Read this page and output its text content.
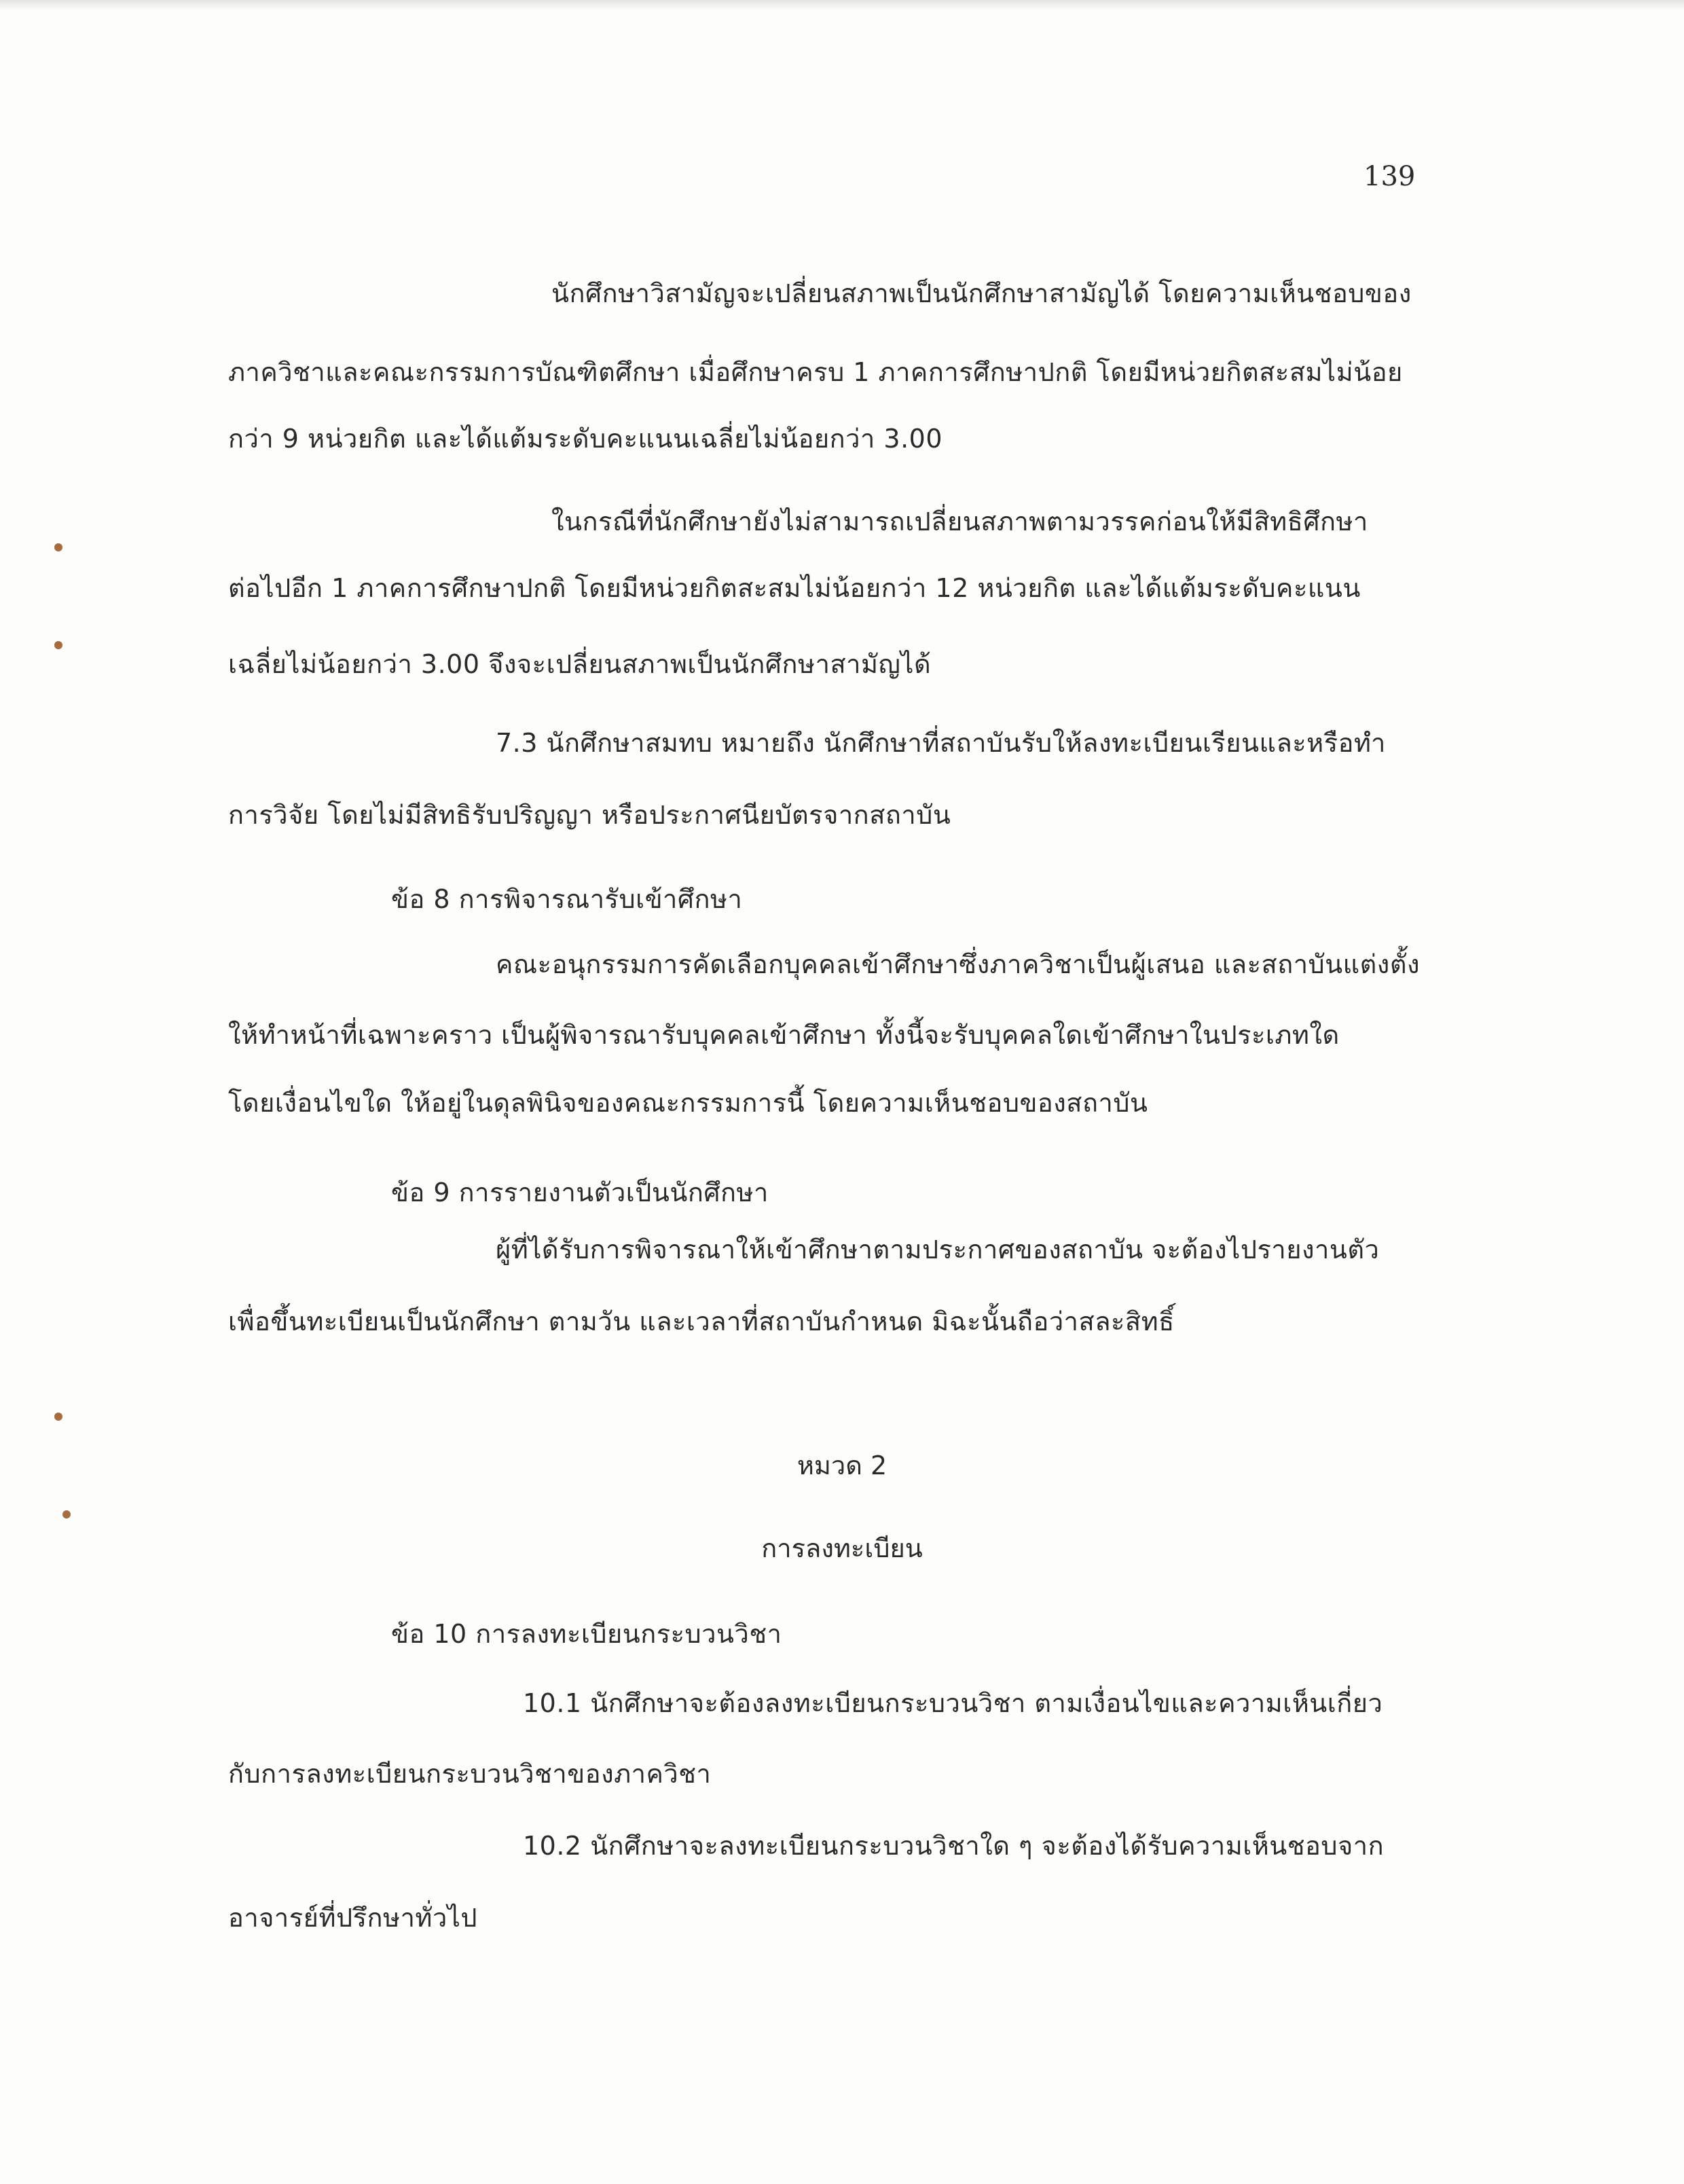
139
นักศึกษาวิสามัญจะเปลี่ยนสภาพเป็นนักศึกษาสามัญได้ โดยความเห็นชอบของ
ภาควิชาและคณะกรรมการบัณฑิตศึกษา เมื่อศึกษาครบ 1 ภาคการศึกษาปกติ โดยมีหน่วยกิตสะสมไม่น้อย
กว่า 9 หน่วยกิต และได้แต้มระดับคะแนนเฉลี่ยไม่น้อยกว่า 3.00
ในกรณีที่นักศึกษายังไม่สามารถเปลี่ยนสภาพตามวรรคก่อนให้มีสิทธิศึกษา
ต่อไปอีก 1 ภาคการศึกษาปกติ โดยมีหน่วยกิตสะสมไม่น้อยกว่า 12 หน่วยกิต และได้แต้มระดับคะแนน
เฉลี่ยไม่น้อยกว่า 3.00 จึงจะเปลี่ยนสภาพเป็นนักศึกษาสามัญได้
7.3 นักศึกษาสมทบ หมายถึง นักศึกษาที่สถาบันรับให้ลงทะเบียนเรียนและหรือทำ
การวิจัย โดยไม่มีสิทธิรับปริญญา หรือประกาศนียบัตรจากสถาบัน
ข้อ 8 การพิจารณารับเข้าศึกษา
คณะอนุกรรมการคัดเลือกบุคคลเข้าศึกษาซึ่งภาควิชาเป็นผู้เสนอ และสถาบันแต่งตั้ง
ให้ทำหน้าที่เฉพาะคราว เป็นผู้พิจารณารับบุคคลเข้าศึกษา ทั้งนี้จะรับบุคคลใดเข้าศึกษาในประเภทใด
โดยเงื่อนไขใด ให้อยู่ในดุลพินิจของคณะกรรมการนี้ โดยความเห็นชอบของสถาบัน
ข้อ 9 การรายงานตัวเป็นนักศึกษา
ผู้ที่ได้รับการพิจารณาให้เข้าศึกษาตามประกาศของสถาบัน จะต้องไปรายงานตัว
เพื่อขึ้นทะเบียนเป็นนักศึกษา ตามวัน และเวลาที่สถาบันกำหนด มิฉะนั้นถือว่าสละสิทธิ์
หมวด 2
การลงทะเบียน
ข้อ 10 การลงทะเบียนกระบวนวิชา
10.1 นักศึกษาจะต้องลงทะเบียนกระบวนวิชา ตามเงื่อนไขและความเห็นเกี่ยว
กับการลงทะเบียนกระบวนวิชาของภาควิชา
10.2 นักศึกษาจะลงทะเบียนกระบวนวิชาใด ๆ จะต้องได้รับความเห็นชอบจาก
อาจารย์ที่ปรึกษาทั่วไป
